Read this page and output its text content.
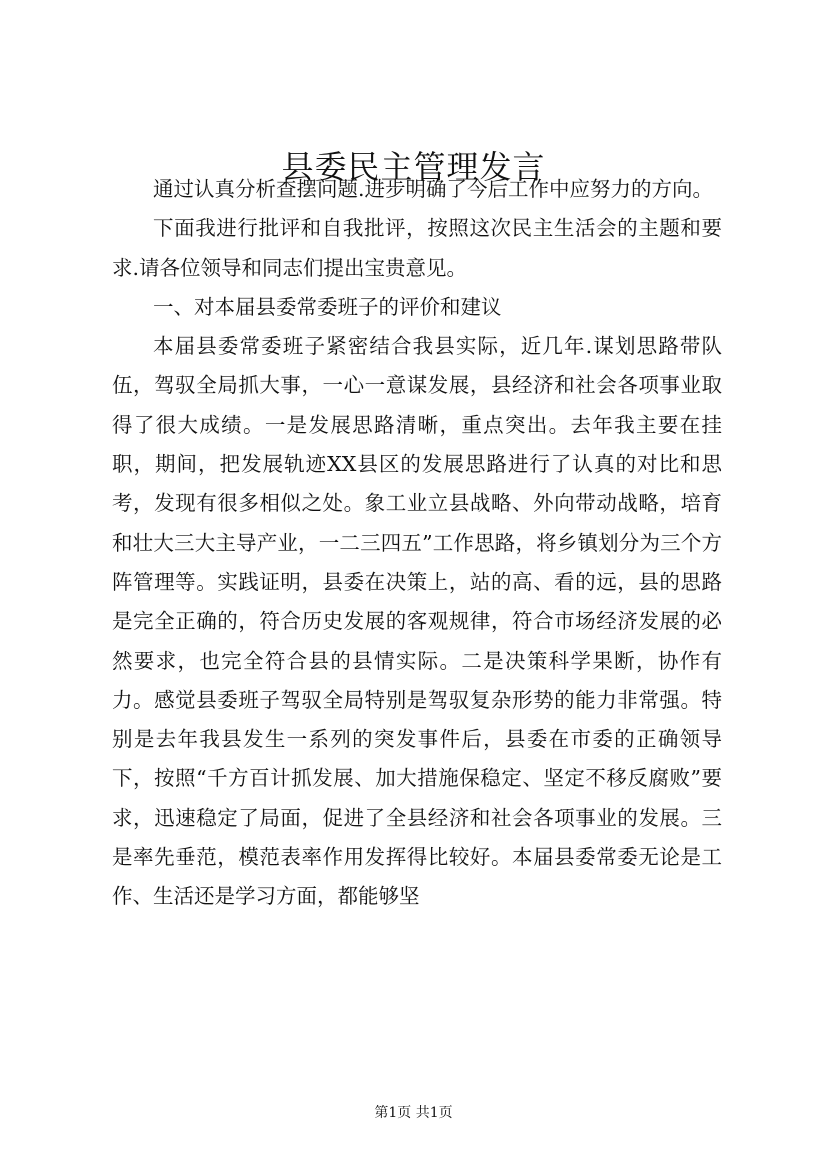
县委民主管理发言

通过认真分析查摆问题.进步明确了今后工作中应努力的方向。

下面我进行批评和自我批评，按照这次民主生活会的主题和要求.请各位领导和同志们提出宝贵意见。

一、对本届县委常委班子的评价和建议

本届县委常委班子紧密结合我县实际，近几年.谋划思路带队伍，驾驭全局抓大事，一心一意谋发展，县经济和社会各项事业取得了很大成绩。一是发展思路清晰，重点突出。去年我主要在挂职，期间，把发展轨迹XX县区的发展思路进行了认真的对比和思考，发现有很多相似之处。象工业立县战略、外向带动战略，培育和壮大三大主导产业，一二三四五”工作思路，将乡镇划分为三个方阵管理等。实践证明，县委在决策上，站的高、看的远，县的思路是完全正确的，符合历史发展的客观规律，符合市场经济发展的必然要求，也完全符合县的县情实际。二是决策科学果断，协作有力。感觉县委班子驾驭全局特别是驾驭复杂形势的能力非常强。特别是去年我县发生一系列的突发事件后，县委在市委的正确领导下，按照“千方百计抓发展、加大措施保稳定、坚定不移反腐败”要求，迅速稳定了局面，促进了全县经济和社会各项事业的发展。三是率先垂范，模范表率作用发挥得比较好。本届县委常委无论是工作、生活还是学习方面，都能够坚

第1页 共1页
